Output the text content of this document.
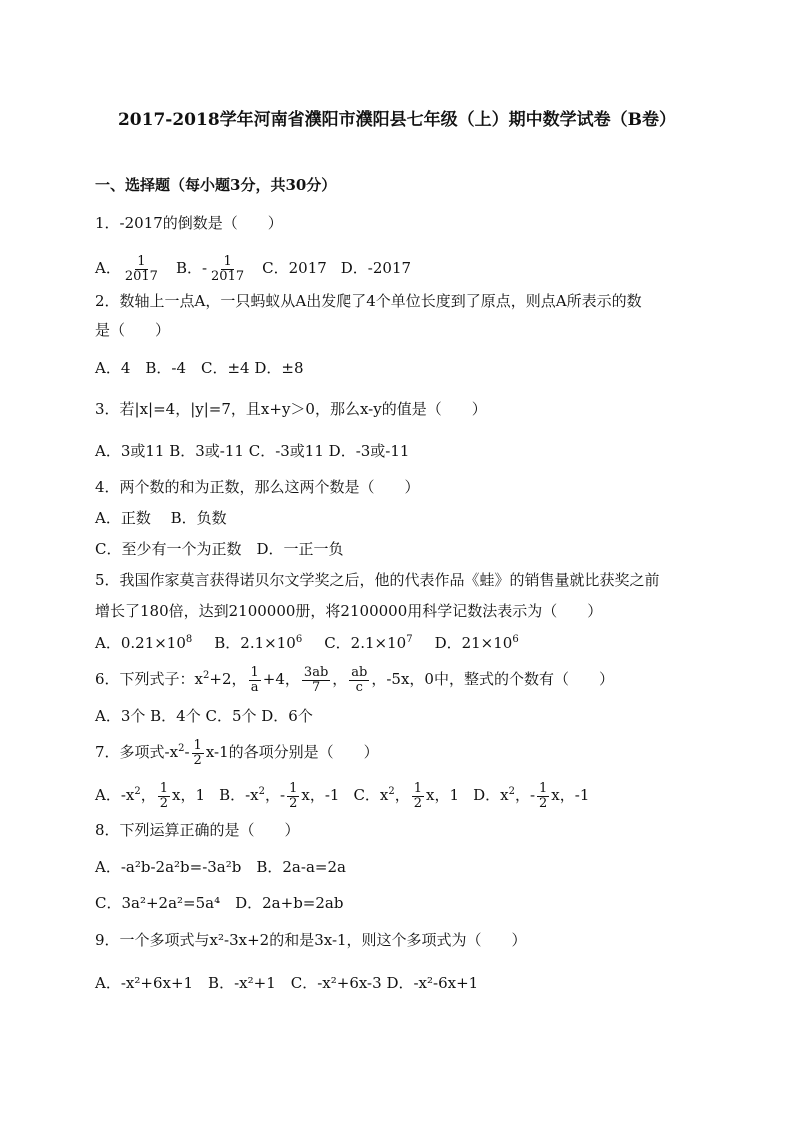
2017-2018学年河南省濮阳市濮阳县七年级（上）期中数学试卷（B卷）
一、选择题（每小题3分，共30分）
1．-2017的倒数是（　　）
A． $\frac{1}{2017}$ B．- $\frac{1}{2017}$ C．2017 D．-2017
2．数轴上一点A，一只蚂蚁从A出发爬了4个单位长度到了原点，则点A所表示的数
是（　　）
A．4　B．-4　C．±4 D．±8
3．若|x|=4，|y|=7，且x+y＞0，那么x-y的值是（　　）
A．3或11 B．3或-11 C．-3或11 D．-3或-11
4．两个数的和为正数，那么这两个数是（　　）
A．正数　 B．负数
C．至少有一个为正数　D．一正一负
5．我国作家莫言获得诺贝尔文学奖之后，他的代表作品《蛙》的销售量就比获奖之前
增长了180倍，达到2100000册，将2100000用科学记数法表示为（　　）
A．$0.21\times 10^8$ B．$2.1\times 10^6$ C．$2.1\times 10^7$ D．$21\times 10^6$
6．下列式子：$x^2+2$， $\frac{1}{a} +4$， $\frac{3ab}{7}$ ， $\frac{ab}{c}$ ，-5x，0中，整式的个数有（　　）
A．3个 B．4个 C．5个 D．6个
7．多项式$-x^2- \frac{1}{2} x-1$的各项分别是（　　）
A．$-x^2$， $\frac{1}{2}$ x，1 B．$-x^2$，- $\frac{1}{2}$ x，-1 C．$x^2$， $\frac{1}{2}$ x，1 D．$x^2$，- $\frac{1}{2}$ x，-1
8．下列运算正确的是（　　）
A．-a²b-2a²b=-3a²b　B．2a-a=2a
C．3a²+2a²=5a⁴　D．2a+b=2ab
9．一个多项式与x²-3x+2的和是3x-1，则这个多项式为（　　）
A．-x²+6x+1　B．-x²+1　C．-x²+6x-3 D．-x²-6x+1
